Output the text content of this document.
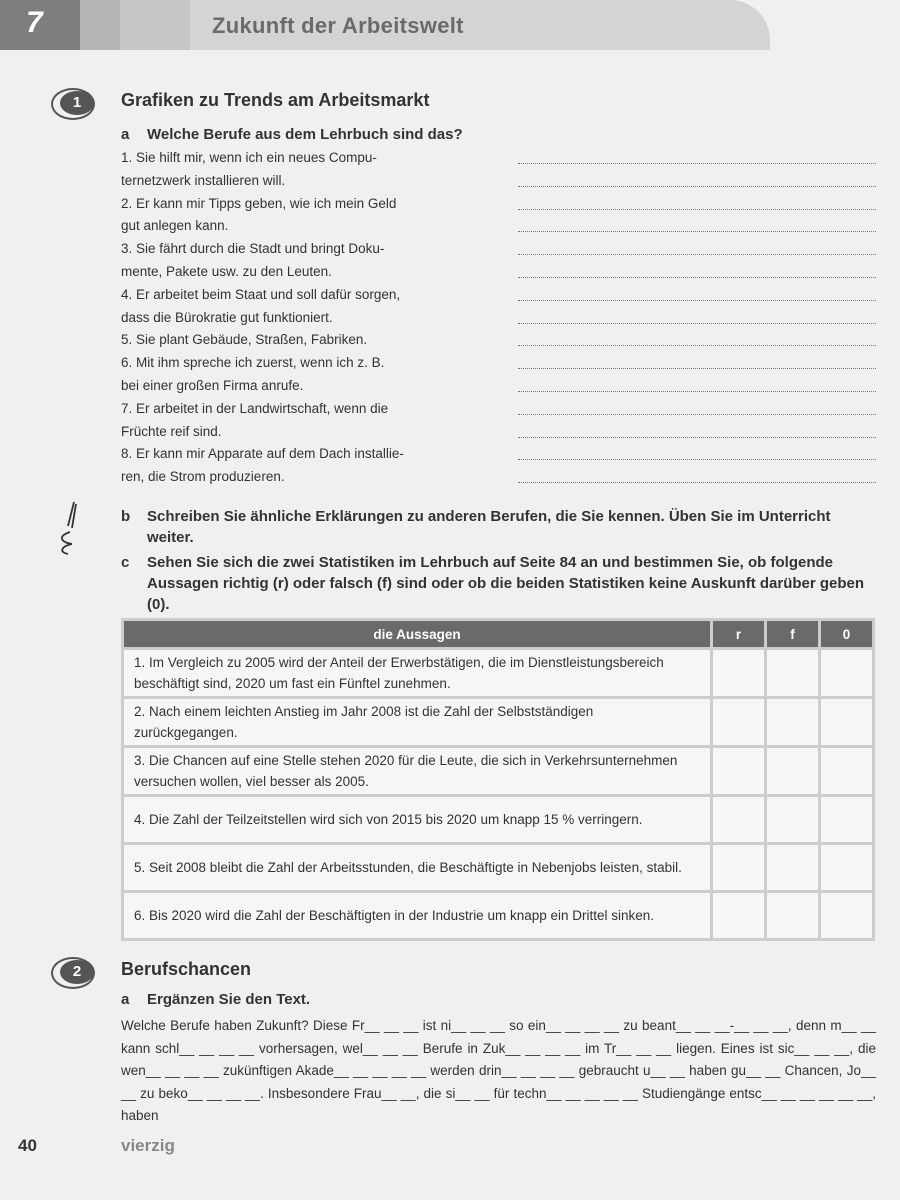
7	Zukunft der Arbeitswelt
1	Grafiken zu Trends am Arbeitsmarkt
a Welche Berufe aus dem Lehrbuch sind das?
1. Sie hilft mir, wenn ich ein neues Compu-
ternetzwerk installieren will.
2. Er kann mir Tipps geben, wie ich mein Geld
gut anlegen kann.
3. Sie fährt durch die Stadt und bringt Doku-
mente, Pakete usw. zu den Leuten.
4. Er arbeitet beim Staat und soll dafür sorgen,
dass die Bürokratie gut funktioniert.
5. Sie plant Gebäude, Straßen, Fabriken.
6. Mit ihm spreche ich zuerst, wenn ich z. B.
bei einer großen Firma anrufe.
7. Er arbeitet in der Landwirtschaft, wenn die
Früchte reif sind.
8. Er kann mir Apparate auf dem Dach installie-
ren, die Strom produzieren.
b Schreiben Sie ähnliche Erklärungen zu anderen Berufen, die Sie kennen. Üben Sie im Unterricht weiter.
c Sehen Sie sich die zwei Statistiken im Lehrbuch auf Seite 84 an und bestimmen Sie, ob folgende Aussagen richtig (r) oder falsch (f) sind oder ob die beiden Statistiken keine Auskunft darüber geben (0).
die Aussagen	r	f	0
1. Im Vergleich zu 2005 wird der Anteil der Erwerbstätigen, die im Dienstleistungsbereich beschäftigt sind, 2020 um fast ein Fünftel zunehmen.			
2. Nach einem leichten Anstieg im Jahr 2008 ist die Zahl der Selbstständigen zurückgegangen.			
3. Die Chancen auf eine Stelle stehen 2020 für die Leute, die sich in Verkehrsunternehmen versuchen wollen, viel besser als 2005.			
4. Die Zahl der Teilzeitstellen wird sich von 2015 bis 2020 um knapp 15 % verringern.			
5. Seit 2008 bleibt die Zahl der Arbeitsstunden, die Beschäftigte in Nebenjobs leisten, stabil.			
6. Bis 2020 wird die Zahl der Beschäftigten in der Industrie um knapp ein Drittel sinken.			
2	Berufschancen
a Ergänzen Sie den Text.
Welche Berufe haben Zukunft? Diese Fr__ __ __ ist ni__ __ __ so ein__ __ __ __ zu beant__ __ __-__ __ __, denn m__ __ kann schl__ __ __ __ vorhersagen, wel__ __ __ Berufe in Zuk__ __ __ __ im Tr__ __ __ liegen. Eines ist sic__ __ __, die wen__ __ __ __ zukünftigen Akade__ __ __ __ __ werden drin__ __ __ __ gebraucht u__ __ haben gu__ __ Chancen, Jo__ __ zu beko__ __ __ __. Insbesondere Frau__ __, die si__ __ für techn__ __ __ __ __ Studiengänge entsc__ __ __ __ __ __, haben
40	vierzig
